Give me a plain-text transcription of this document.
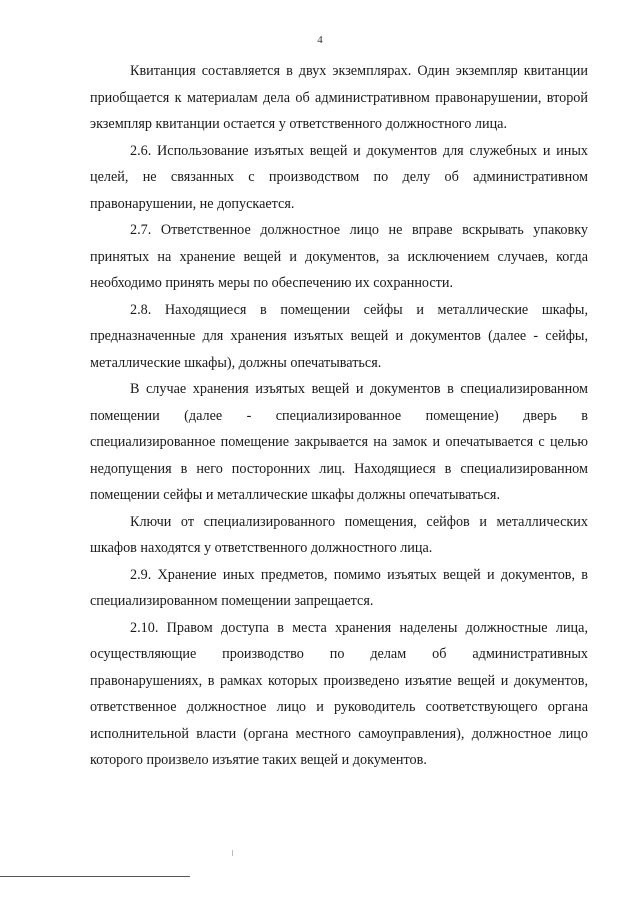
4

Квитанция составляется в двух экземплярах. Один экземпляр квитанции приобщается к материалам дела об административном правонарушении, второй экземпляр квитанции остается у ответственного должностного лица.

2.6. Использование изъятых вещей и документов для служебных и иных целей, не связанных с производством по делу об административном правонарушении, не допускается.

2.7. Ответственное должностное лицо не вправе вскрывать упаковку принятых на хранение вещей и документов, за исключением случаев, когда необходимо принять меры по обеспечению их сохранности.

2.8. Находящиеся в помещении сейфы и металлические шкафы, предназначенные для хранения изъятых вещей и документов (далее - сейфы, металлические шкафы), должны опечатываться.

В случае хранения изъятых вещей и документов в специализированном помещении (далее - специализированное помещение) дверь в специализированное помещение закрывается на замок и опечатывается с целью недопущения в него посторонних лиц. Находящиеся в специализированном помещении сейфы и металлические шкафы должны опечатываться.

Ключи от специализированного помещения, сейфов и металлических шкафов находятся у ответственного должностного лица.

2.9. Хранение иных предметов, помимо изъятых вещей и документов, в специализированном помещении запрещается.

2.10. Правом доступа в места хранения наделены должностные лица, осуществляющие производство по делам об административных правонарушениях, в рамках которых произведено изъятие вещей и документов, ответственное должностное лицо и руководитель соответствующего органа исполнительной власти (органа местного самоуправления), должностное лицо которого произвело изъятие таких вещей и документов.
